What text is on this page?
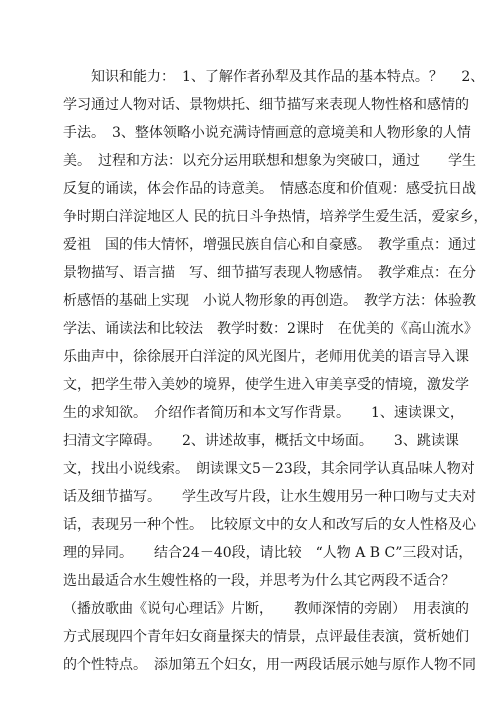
　　知识和能力：　1、了解作者孙犁及其作品的基本特点。？　 2、
学习通过人物对话、景物烘托、细节描写来表现人物性格和感情的
手法。　3、整体领略小说充满诗情画意的意境美和人物形象的人情
美。　过程和方法：以充分运用联想和想象为突破口，通过　　学生
反复的诵读，体会作品的诗意美。　情感态度和价值观：感受抗日战
争时期白洋淀地区人 民的抗日斗争热情，培养学生爱生活，爱家乡，
爱祖　国的伟大情怀，增强民族自信心和自豪感。　教学重点：通过
景物描写、语言描　写、细节描写表现人物感情。　教学难点：在分
析感悟的基础上实现　小说人物形象的再创造。　教学方法：体验教
学法、诵读法和比较法　教学时数：2课时　在优美的《高山流水》
乐曲声中，徐徐展开白洋淀的风光图片，老师用优美的语言导入课
文，把学生带入美妙的境界，使学生进入审美享受的情境，激发学
生的求知欲。　介绍作者简历和本文写作背景。　　1、速读课文，
扫清文字障碍。　　2、讲述故事，概括文中场面。　　3、跳读课
文，找出小说线索。　朗读课文5－23段，其余同学认真品味人物对
话及细节描写。　　学生改写片段，让水生嫂用另一种口吻与丈夫对
话，表现另一种个性。　比较原文中的女人和改写后的女人性格及心
理的异同。　　结合24－40段，请比较　“人物 A B C”三段对话，
选出最适合水生嫂性格的一段，并思考为什么其它两段不适合？
（播放歌曲《说句心理话》片断，　　教师深情的旁剧）　用表演的
方式展现四个青年妇女商量探夫的情景，点评最佳表演，赏析她们
的个性特点。　添加第五个妇女，用一两段话展示她与原作人物不同
